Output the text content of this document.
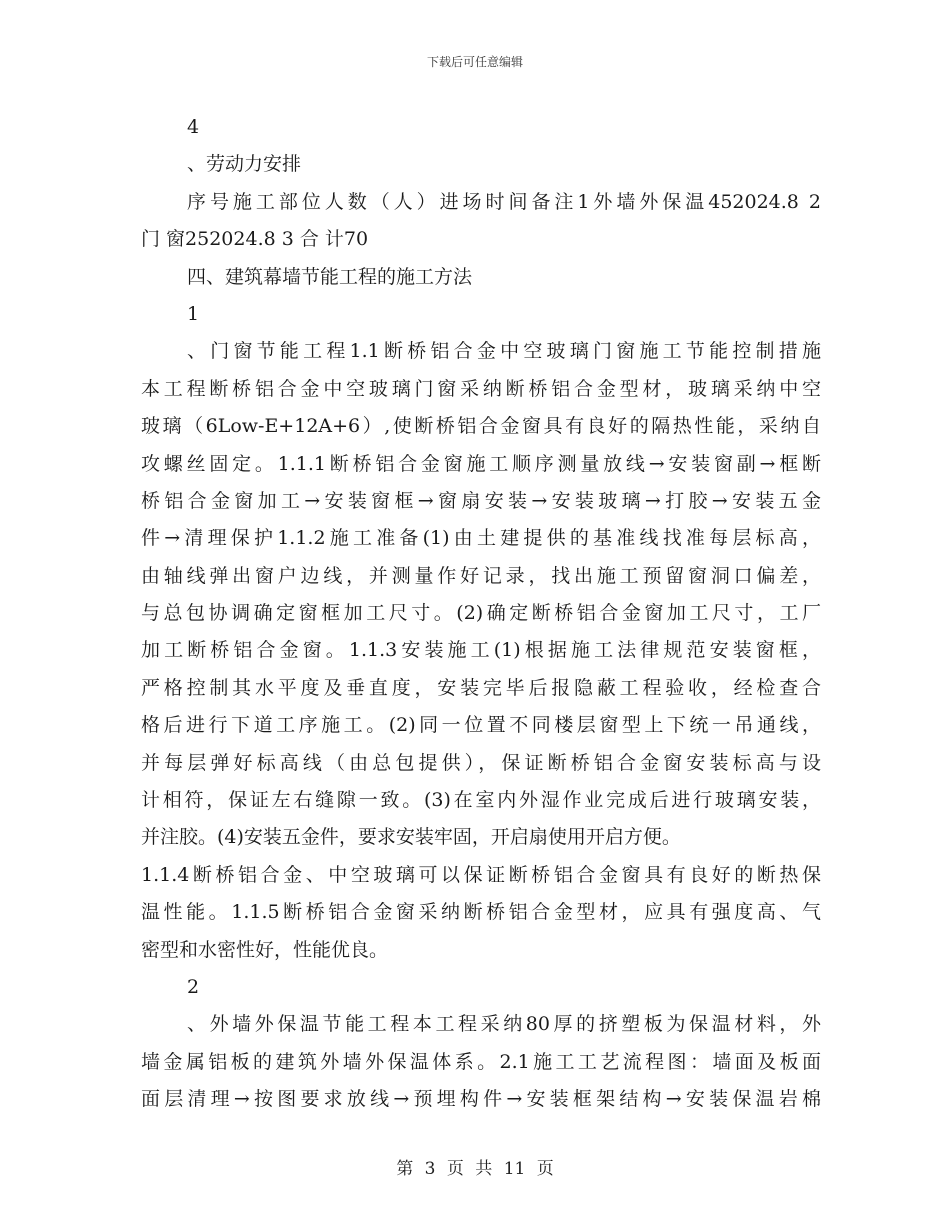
下载后可任意编辑
4
、劳动力安排
序号施工部位人数（人）进场时间备注1外墙外保温452024.8 2
门 窗252024.8 3 合 计70
四、建筑幕墙节能工程的施工方法
1
、门窗节能工程1.1断桥铝合金中空玻璃门窗施工节能控制措施
本工程断桥铝合金中空玻璃门窗采纳断桥铝合金型材，玻璃采纳中空
玻璃（6Low-E+12A+6）,使断桥铝合金窗具有良好的隔热性能，采纳自
攻螺丝固定。1.1.1断桥铝合金窗施工顺序测量放线→安装窗副→框断
桥铝合金窗加工→安装窗框→窗扇安装→安装玻璃→打胶→安装五金
件→清理保护1.1.2施工准备(1)由土建提供的基准线找准每层标高，
由轴线弹出窗户边线，并测量作好记录，找出施工预留窗洞口偏差，
与总包协调确定窗框加工尺寸。(2)确定断桥铝合金窗加工尺寸，工厂
加工断桥铝合金窗。1.1.3安装施工(1)根据施工法律规范安装窗框，
严格控制其水平度及垂直度，安装完毕后报隐蔽工程验收，经检查合
格后进行下道工序施工。(2)同一位置不同楼层窗型上下统一吊通线，
并每层弹好标高线（由总包提供），保证断桥铝合金窗安装标高与设
计相符，保证左右缝隙一致。(3)在室内外湿作业完成后进行玻璃安装，
并注胶。(4)安装五金件，要求安装牢固，开启扇使用开启方便。
1.1.4断桥铝合金、中空玻璃可以保证断桥铝合金窗具有良好的断热保
温性能。1.1.5断桥铝合金窗采纳断桥铝合金型材，应具有强度高、气
密型和水密性好，性能优良。
2
、外墙外保温节能工程本工程采纳80厚的挤塑板为保温材料，外
墙金属铝板的建筑外墙外保温体系。2.1施工工艺流程图：墙面及板面
面层清理→按图要求放线→预埋构件→安装框架结构→安装保温岩棉
第 3 页 共 11 页
